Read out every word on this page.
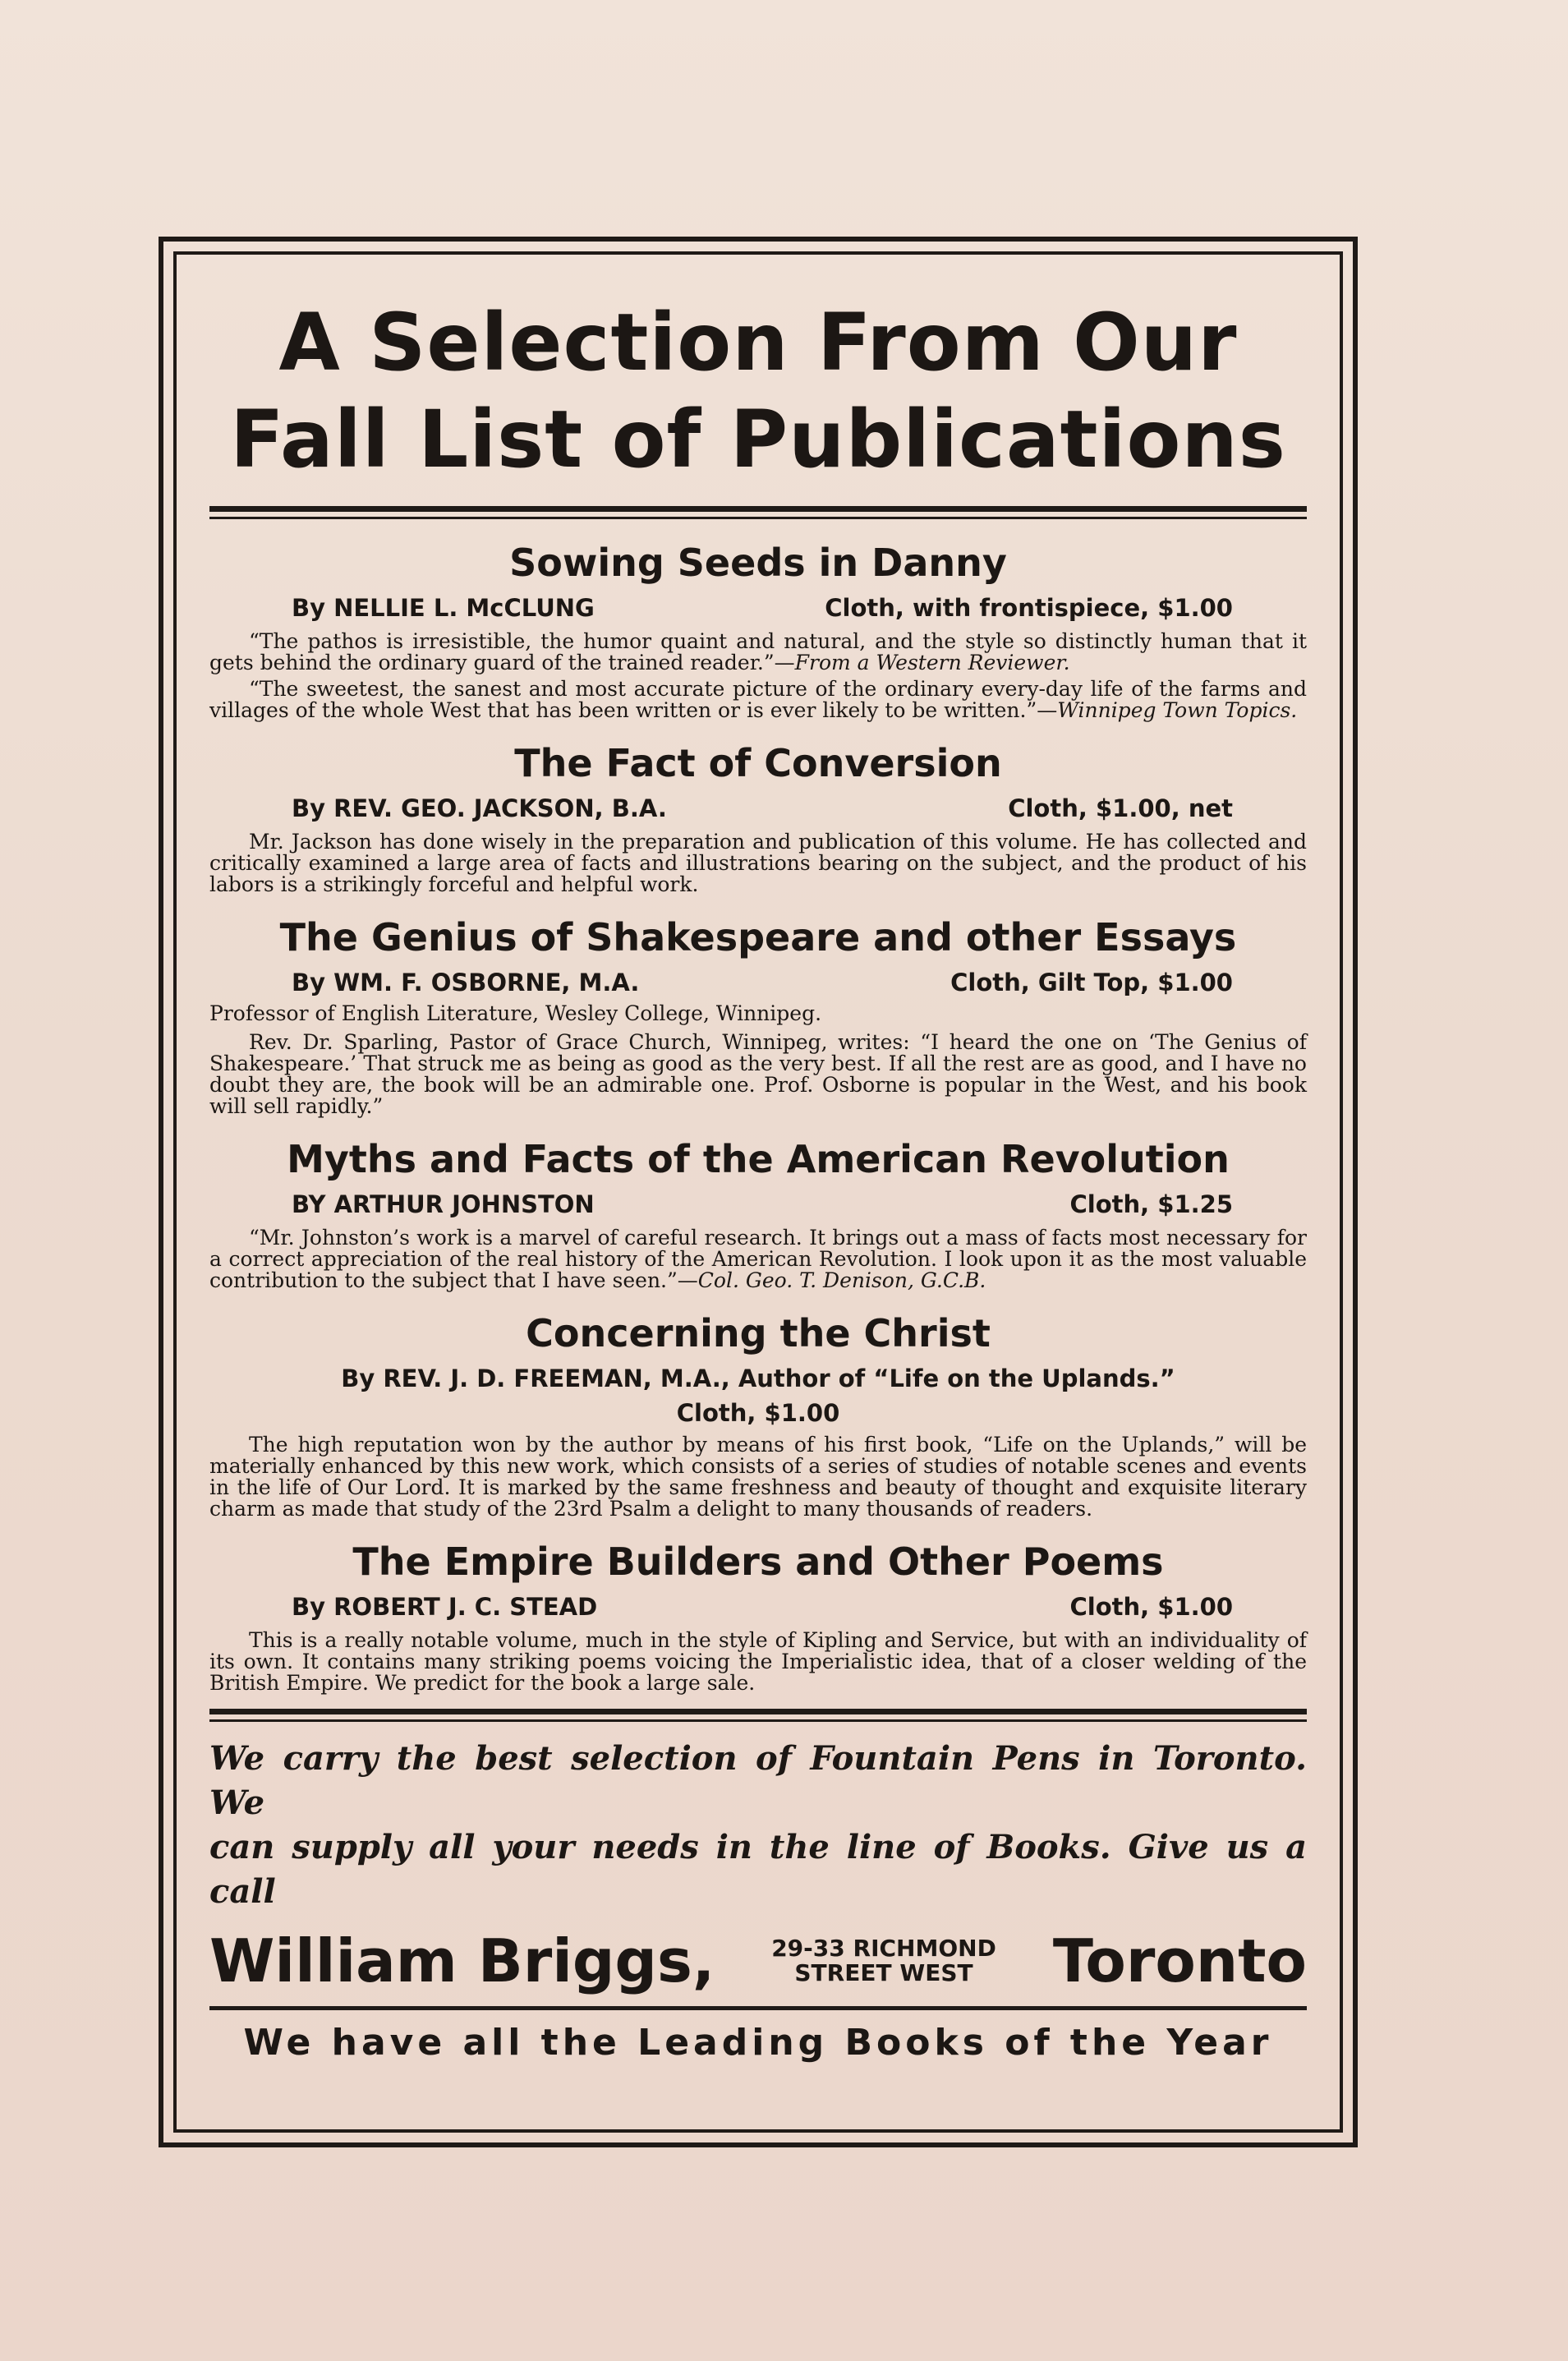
A Selection From Our
Fall List of Publications
Sowing Seeds in Danny
By NELLIE L. McCLUNG	Cloth, with frontispiece, $1.00

“The pathos is irresistible, the humor quaint and natural, and the style so distinctly human that it gets behind the ordinary guard of the trained reader.”—From a Western Reviewer.

“The sweetest, the sanest and most accurate picture of the ordinary every-day life of the farms and villages of the whole West that has been written or is ever likely to be written.”—Winnipeg Town Topics.

The Fact of Conversion
By REV. GEO. JACKSON, B.A.	Cloth, $1.00, net

Mr. Jackson has done wisely in the preparation and publication of this volume. He has collected and critically examined a large area of facts and illustrations bearing on the subject, and the product of his labors is a strikingly forceful and helpful work.

The Genius of Shakespeare and other Essays
By WM. F. OSBORNE, M.A.	Cloth, Gilt Top, $1.00
Professor of English Literature, Wesley College, Winnipeg.

Rev. Dr. Sparling, Pastor of Grace Church, Winnipeg, writes: “I heard the one on ‘The Genius of Shakespeare.’ That struck me as being as good as the very best. If all the rest are as good, and I have no doubt they are, the book will be an admirable one. Prof. Osborne is popular in the West, and his book will sell rapidly.”

Myths and Facts of the American Revolution
BY ARTHUR JOHNSTON	Cloth, $1.25

“Mr. Johnston’s work is a marvel of careful research. It brings out a mass of facts most necessary for a correct appreciation of the real history of the American Revolution. I look upon it as the most valuable contribution to the subject that I have seen.”—Col. Geo. T. Denison, G.C.B.

Concerning the Christ
By REV. J. D. FREEMAN, M.A., Author of “Life on the Uplands.”
Cloth, $1.00

The high reputation won by the author by means of his first book, “Life on the Uplands,” will be materially enhanced by this new work, which consists of a series of studies of notable scenes and events in the life of Our Lord. It is marked by the same freshness and beauty of thought and exquisite literary charm as made that study of the 23rd Psalm a delight to many thousands of readers.

The Empire Builders and Other Poems
By ROBERT J. C. STEAD	Cloth, $1.00

This is a really notable volume, much in the style of Kipling and Service, but with an individuality of its own. It contains many striking poems voicing the Imperialistic idea, that of a closer welding of the British Empire. We predict for the book a large sale.

We carry the best selection of Fountain Pens in Toronto. We

can supply all your needs in the line of Books. Give us a call

William Briggs, 29-33 RICHMOND
STREET WEST	Toronto
We have all the Leading Books of the Year
